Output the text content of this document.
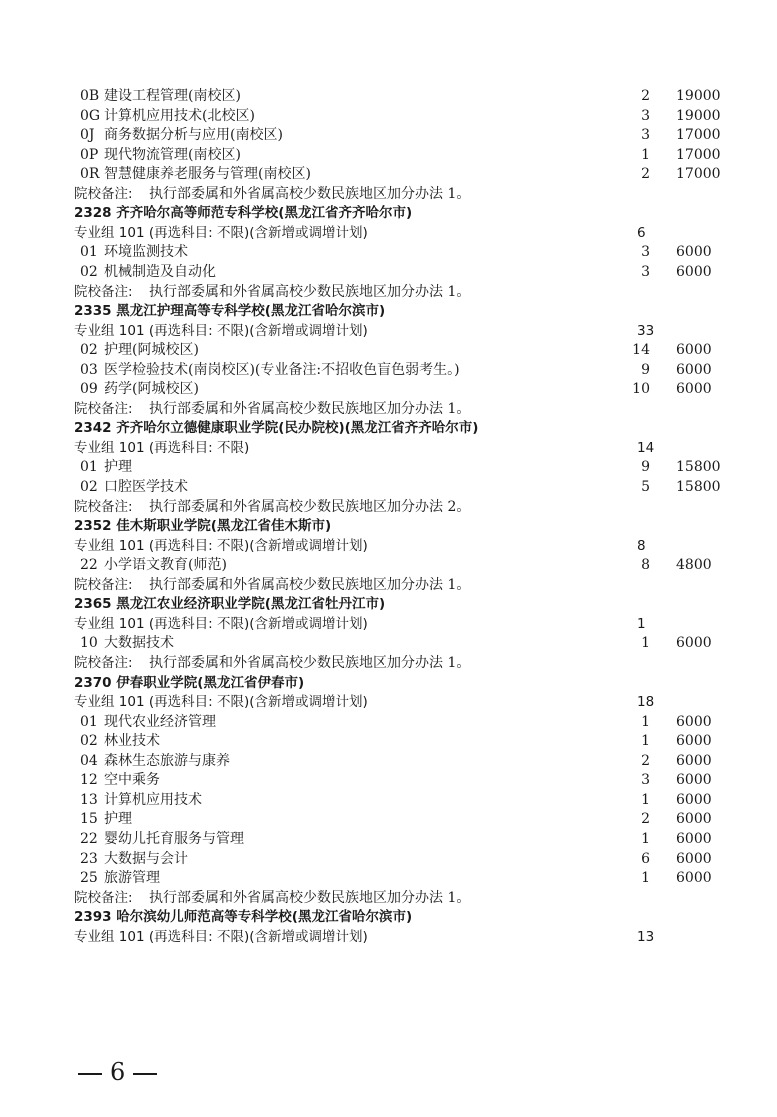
0B 建设工程管理(南校区)	2 19000
0G 计算机应用技术(北校区)	3 19000
0J 商务数据分析与应用(南校区)	3 17000
0P 现代物流管理(南校区)	1 17000
0R 智慧健康养老服务与管理(南校区)	2 17000
院校备注: 执行部委属和外省属高校少数民族地区加分办法 1。
2328 齐齐哈尔高等师范专科学校(黑龙江省齐齐哈尔市)
专业组 101 (再选科目: 不限)(含新增或调增计划)	6
01 环境监测技术	3 6000
02 机械制造及自动化	3 6000
院校备注: 执行部委属和外省属高校少数民族地区加分办法 1。
2335 黑龙江护理高等专科学校(黑龙江省哈尔滨市)
专业组 101 (再选科目: 不限)(含新增或调增计划)	33
02 护理(阿城校区)	14 6000
03 医学检验技术(南岗校区)(专业备注:不招收色盲色弱考生。)	9 6000
09 药学(阿城校区)	10 6000
院校备注: 执行部委属和外省属高校少数民族地区加分办法 1。
2342 齐齐哈尔立德健康职业学院(民办院校)(黑龙江省齐齐哈尔市)
专业组 101 (再选科目: 不限)	14
01 护理	9 15800
02 口腔医学技术	5 15800
院校备注: 执行部委属和外省属高校少数民族地区加分办法 2。
2352 佳木斯职业学院(黑龙江省佳木斯市)
专业组 101 (再选科目: 不限)(含新增或调增计划)	8
22 小学语文教育(师范)	8 4800
院校备注: 执行部委属和外省属高校少数民族地区加分办法 1。
2365 黑龙江农业经济职业学院(黑龙江省牡丹江市)
专业组 101 (再选科目: 不限)(含新增或调增计划)	1
10 大数据技术	1 6000
院校备注: 执行部委属和外省属高校少数民族地区加分办法 1。
2370 伊春职业学院(黑龙江省伊春市)
专业组 101 (再选科目: 不限)(含新增或调增计划)	18
01 现代农业经济管理	1 6000
02 林业技术	1 6000
04 森林生态旅游与康养	2 6000
12 空中乘务	3 6000
13 计算机应用技术	1 6000
15 护理	2 6000
22 婴幼儿托育服务与管理	1 6000
23 大数据与会计	6 6000
25 旅游管理	1 6000
院校备注: 执行部委属和外省属高校少数民族地区加分办法 1。
2393 哈尔滨幼儿师范高等专科学校(黑龙江省哈尔滨市)
专业组 101 (再选科目: 不限)(含新增或调增计划)	13
6
